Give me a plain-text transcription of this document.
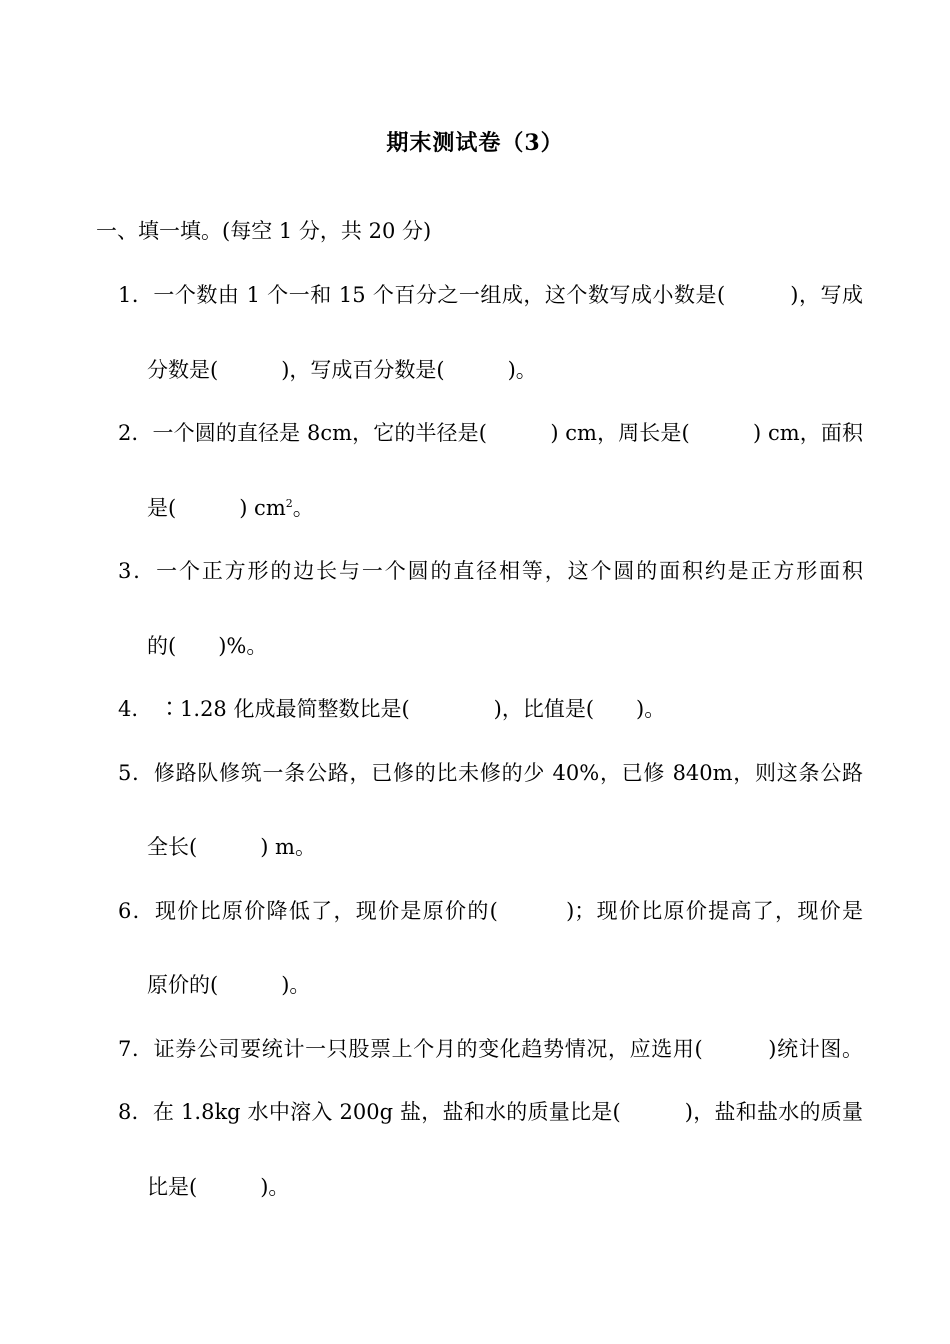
期末测试卷（3）
一、填一填。(每空 1 分，共 20 分)
1．一个数由 1 个一和 15 个百分之一组成，这个数写成小数是(　　　)，写成
分数是(　　　)，写成百分数是(　　　)。
2．一个圆的直径是 8cm，它的半径是(　　　) cm，周长是(　　　) cm，面积
是(　　　) $cm^2$。
3．一个正方形的边长与一个圆的直径相等，这个圆的面积约是正方形面积
的(　　)%。
4.　∶1.28 化成最简整数比是(　　　　)，比值是(　　)。
5．修路队修筑一条公路，已修的比未修的少 40%，已修 840m，则这条公路
全长(　　　) m。
6．现价比原价降低了，现价是原价的(　　　)；现价比原价提高了，现价是
原价的(　　　)。
7．证券公司要统计一只股票上个月的变化趋势情况，应选用(　　　)统计图。
8．在 1.8kg 水中溶入 200g 盐，盐和水的质量比是(　　　)，盐和盐水的质量
比是(　　　)。
